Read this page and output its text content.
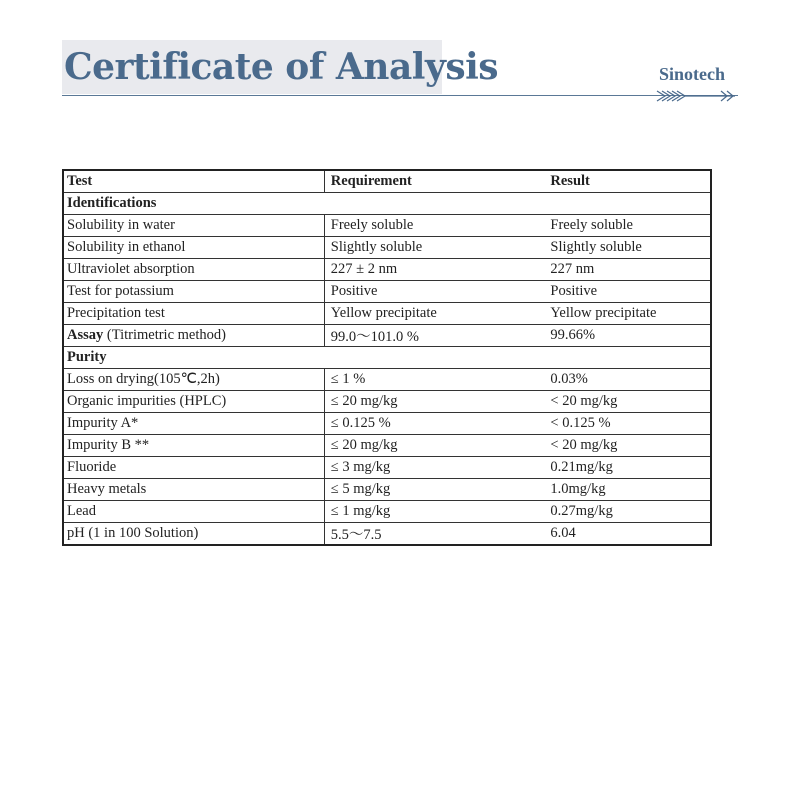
Certificate of Analysis	Sinotech
Test	Requirement	Result
Identifications		
Solubility in water	Freely soluble	Freely soluble
Solubility in ethanol	Slightly soluble	Slightly soluble
Ultraviolet absorption	227 ± 2 nm	227 nm
Test for potassium	Positive	Positive
Precipitation test	Yellow precipitate	Yellow precipitate
Assay (Titrimetric method)	99.0～101.0 %	99.66%
Purity		
Loss on drying(105℃,2h)	≤ 1 %	0.03%
Organic impurities (HPLC)	≤ 20 mg/kg	< 20 mg/kg
Impurity A*	≤ 0.125 %	< 0.125 %
Impurity B **	≤ 20 mg/kg	< 20 mg/kg
Fluoride	≤ 3 mg/kg	0.21mg/kg
Heavy metals	≤ 5 mg/kg	1.0mg/kg
Lead	≤ 1 mg/kg	0.27mg/kg
pH (1 in 100 Solution)	5.5～7.5	6.04
